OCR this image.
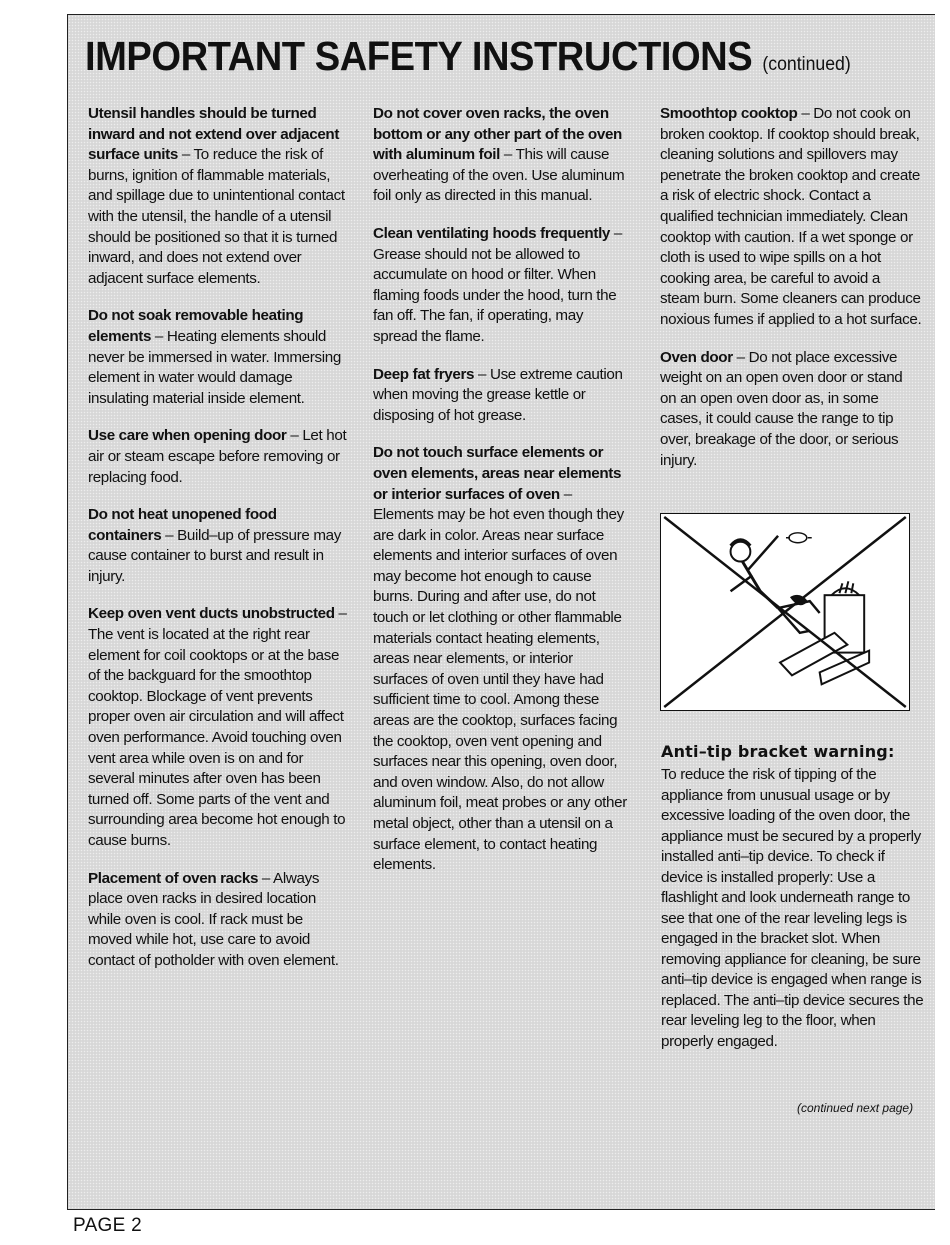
IMPORTANT SAFETY INSTRUCTIONS (continued)

Utensil handles should be turned inward and not extend over adjacent surface units – To reduce the risk of burns, ignition of flammable materials, and spillage due to unintentional contact with the utensil, the handle of a utensil should be positioned so that it is turned inward, and does not extend over adjacent surface elements.

Do not soak removable heating elements – Heating elements should never be immersed in water. Immersing element in water would damage insulating material inside element.

Use care when opening door – Let hot air or steam escape before removing or replacing food.

Do not heat unopened food containers – Build–up of pressure may cause container to burst and result in injury.

Keep oven vent ducts unobstructed – The vent is located at the right rear element for coil cooktops or at the base of the backguard for the smoothtop cooktop. Blockage of vent prevents proper oven air circulation and will affect oven performance. Avoid touching oven vent area while oven is on and for several minutes after oven has been turned off. Some parts of the vent and surrounding area become hot enough to cause burns.

Placement of oven racks – Always place oven racks in desired location while oven is cool. If rack must be moved while hot, use care to avoid contact of potholder with oven element.

Do not cover oven racks, the oven bottom or any other part of the oven with aluminum foil – This will cause overheating of the oven. Use aluminum foil only as directed in this manual.

Clean ventilating hoods frequently – Grease should not be allowed to accumulate on hood or filter. When flaming foods under the hood, turn the fan off. The fan, if operating, may spread the flame.

Deep fat fryers – Use extreme caution when moving the grease kettle or disposing of hot grease.

Do not touch surface elements or oven elements, areas near elements or interior surfaces of oven – Elements may be hot even though they are dark in color. Areas near surface elements and interior surfaces of oven may become hot enough to cause burns. During and after use, do not touch or let clothing or other flammable materials contact heating elements, areas near elements, or interior surfaces of oven until they have had sufficient time to cool. Among these areas are the cooktop, surfaces facing the cooktop, oven vent opening and surfaces near this opening, oven door, and oven window. Also, do not allow aluminum foil, meat probes or any other metal object, other than a utensil on a surface element, to contact heating elements.

Smoothtop cooktop – Do not cook on broken cooktop. If cooktop should break, cleaning solutions and spillovers may penetrate the broken cooktop and create a risk of electric shock. Contact a qualified technician immediately. Clean cooktop with caution. If a wet sponge or cloth is used to wipe spills on a hot cooking area, be careful to avoid a steam burn. Some cleaners can produce noxious fumes if applied to a hot surface.

Oven door – Do not place excessive weight on an open oven door or stand on an open oven door as, in some cases, it could cause the range to tip over, breakage of the door, or serious injury.

Anti–tip bracket warning:
To reduce the risk of tipping of the appliance from unusual usage or by excessive loading of the oven door, the appliance must be secured by a properly installed anti–tip device. To check if device is installed properly: Use a flashlight and look underneath range to see that one of the rear leveling legs is engaged in the bracket slot. When removing appliance for cleaning, be sure anti–tip device is engaged when range is replaced. The anti–tip device secures the rear leveling leg to the floor, when properly engaged.
(continued next page)
PAGE 2
